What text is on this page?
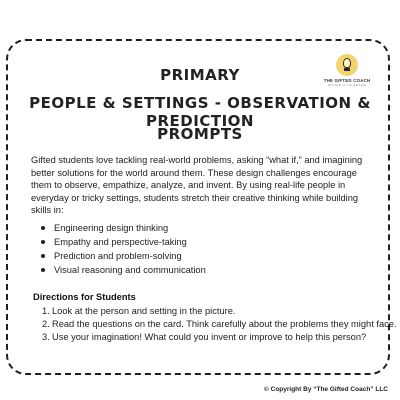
PRIMARY
PEOPLE & SETTINGS - OBSERVATION & PREDICTION
PROMPTS
THE GIFTED COACH
GIFTED & TALENTED
Gifted students love tackling real-world problems, asking “what if,” and imagining better solutions for the world around them. These design challenges encourage them to observe, empathize, analyze, and invent. By using real-life people in everyday or tricky settings, students stretch their creative thinking while building skills in:
Engineering design thinking
Empathy and perspective-taking
Prediction and problem-solving
Visual reasoning and communication
Directions for Students
1. Look at the person and setting in the picture.
2. Read the questions on the card. Think carefully about the problems they might face.
3. Use your imagination! What could you invent or improve to help this person?
© Copyright By “The Gifted Coach” LLC
